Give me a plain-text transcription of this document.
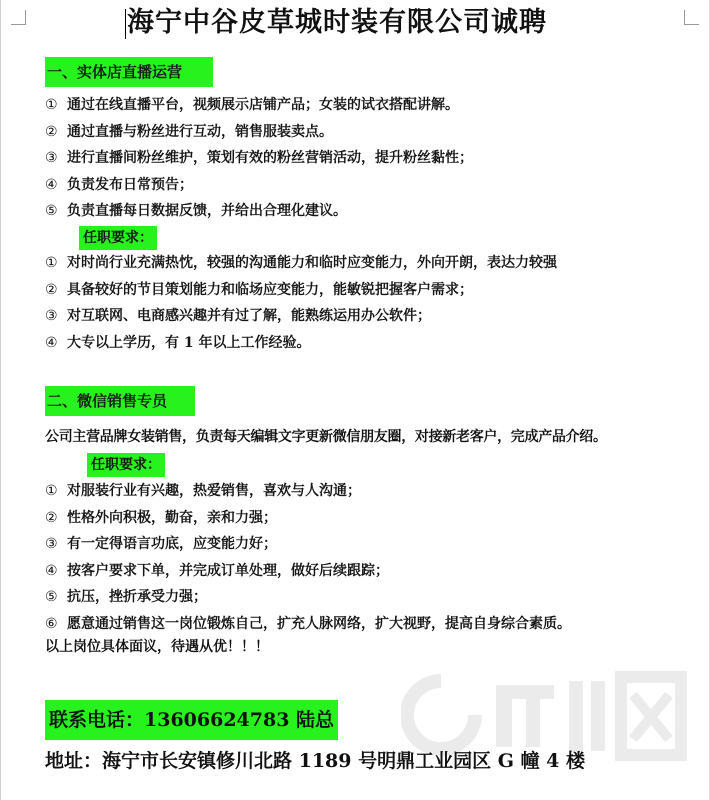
海宁中谷皮草城时装有限公司诚聘
一、实体店直播运营
① 通过在线直播平台，视频展示店铺产品；女装的试衣搭配讲解。
② 通过直播与粉丝进行互动，销售服装卖点。
③ 进行直播间粉丝维护，策划有效的粉丝营销活动，提升粉丝黏性；
④ 负责发布日常预告；
⑤ 负责直播每日数据反馈，并给出合理化建议。
任职要求：
① 对时尚行业充满热忱，较强的沟通能力和临时应变能力，外向开朗，表达力较强
② 具备较好的节目策划能力和临场应变能力，能敏锐把握客户需求；
③ 对互联网、电商感兴趣并有过了解，能熟练运用办公软件；
④ 大专以上学历，有 1 年以上工作经验。
二、微信销售专员

公司主营品牌女装销售，负责每天编辑文字更新微信朋友圈，对接新老客户，完成产品介绍。

任职要求：
① 对服装行业有兴趣，热爱销售，喜欢与人沟通；
② 性格外向积极，勤奋，亲和力强；
③ 有一定得语言功底，应变能力好；
④ 按客户要求下单，并完成订单处理，做好后续跟踪；
⑤ 抗压，挫折承受力强；
⑥ 愿意通过销售这一岗位锻炼自己，扩充人脉网络，扩大视野，提高自身综合素质。

以上岗位具体面议，待遇从优！！！

联系电话：13606624783 陆总

地址：海宁市长安镇修川北路 1189 号明鼎工业园区 G 幢 4 楼
